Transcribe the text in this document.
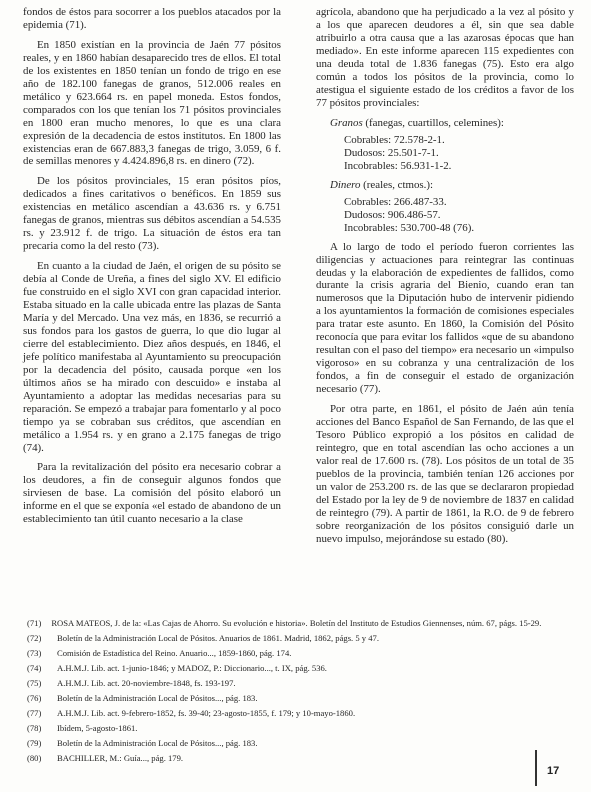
fondos de éstos para socorrer a los pueblos atacados por la epidemia (71).

En 1850 existían en la provincia de Jaén 77 pósitos reales, y en 1860 habían desaparecido tres de ellos. El total de los existentes en 1850 tenían un fondo de trigo en ese año de 182.100 fanegas de granos, 512.006 reales en metálico y 623.664 rs. en papel moneda. Estos fondos, comparados con los que tenían los 71 pósitos provinciales en 1800 eran mucho menores, lo que es una clara expresión de la decadencia de estos institutos. En 1800 las existencias eran de 667.883,3 fanegas de trigo, 3.059, 6 f. de semillas menores y 4.424.896,8 rs. en dinero (72).

De los pósitos provinciales, 15 eran pósitos píos, dedicados a fines caritativos o benéficos. En 1859 sus existencias en metálico ascendían a 43.636 rs. y 6.751 fanegas de granos, mientras sus débitos ascendían a 54.535 rs. y 23.912 f. de trigo. La situación de éstos era tan precaria como la del resto (73).

En cuanto a la ciudad de Jaén, el origen de su pósito se debía al Conde de Ureña, a fines del siglo XV. El edificio fue construido en el siglo XVI con gran capacidad interior. Estaba situado en la calle ubicada entre las plazas de Santa María y del Mercado. Una vez más, en 1836, se recurrió a sus fondos para los gastos de guerra, lo que dio lugar al cierre del establecimiento. Diez años después, en 1846, el jefe político manifestaba al Ayuntamiento su preocupación por la decadencia del pósito, causada porque «en los últimos años se ha mirado con descuido» e instaba al Ayuntamiento a adoptar las medidas necesarias para su reparación. Se empezó a trabajar para fomentarlo y al poco tiempo ya se cobraban sus créditos, que ascendían en metálico a 1.954 rs. y en grano a 2.175 fanegas de trigo (74).

Para la revitalización del pósito era necesario cobrar a los deudores, a fin de conseguir algunos fondos que sirviesen de base. La comisión del pósito elaboró un informe en el que se exponía «el estado de abandono de un establecimiento tan útil cuanto necesario a la clase

agrícola, abandono que ha perjudicado a la vez al pósito y a los que aparecen deudores a él, sin que sea dable atribuirlo a otra causa que a las azarosas épocas que han mediado». En este informe aparecen 115 expedientes con una deuda total de 1.836 fanegas (75). Esto era algo común a todos los pósitos de la provincia, como lo atestigua el siguiente estado de los créditos a favor de los 77 pósitos provinciales:

Granos (fanegas, cuartillos, celemines):
Cobrables: 72.578-2-1.
Dudosos: 25.501-7-1.
Incobrables: 56.931-1-2.
Dinero (reales, ctmos.):
Cobrables: 266.487-33.
Dudosos: 906.486-57.
Incobrables: 530.700-48 (76).

A lo largo de todo el período fueron corrientes las diligencias y actuaciones para reintegrar las continuas deudas y la elaboración de expedientes de fallidos, como durante la crisis agraria del Bienio, cuando eran tan numerosos que la Diputación hubo de intervenir pidiendo a los ayuntamientos la formación de comisiones especiales para tratar este asunto. En 1860, la Comisión del Pósito reconocía que para evitar los fallidos «que de su abandono resultan con el paso del tiempo» era necesario un «impulso vigoroso» en su cobranza y una centralización de los fondos, a fin de conseguir el estado de organización necesario (77).

Por otra parte, en 1861, el pósito de Jaén aún tenía acciones del Banco Español de San Fernando, de las que el Tesoro Público expropió a los pósitos en calidad de reintegro, que en total ascendían las ocho acciones a un valor real de 17.600 rs. (78). Los pósitos de un total de 35 pueblos de la provincia, también tenían 126 acciones por un valor de 253.200 rs. de las que se declararon propiedad del Estado por la ley de 9 de noviembre de 1837 en calidad de reintegro (79). A partir de 1861, la R.O. de 9 de febrero sobre reorganización de los pósitos consiguió darle un nuevo impulso, mejorándose su estado (80).

(71) ROSA MATEOS, J. de la: «Las Cajas de Ahorro. Su evolución e historia». Boletín del Instituto de Estudios Giennenses, núm. 67, págs. 15-29.
(72)	Boletín de la Administración Local de Pósitos. Anuarios de 1861. Madrid, 1862, págs. 5 y 47.
(73)	Comisión de Estadística del Reino. Anuario..., 1859-1860, pág. 174.
(74)	A.H.M.J. Lib. act. 1-junio-1846; y MADOZ, P.: Diccionario..., t. IX, pág. 536.
(75)	A.H.M.J. Lib. act. 20-noviembre-1848, fs. 193-197.
(76)	Boletín de la Administración Local de Pósitos..., pág. 183.
(77)	A.H.M.J. Lib. act. 9-febrero-1852, fs. 39-40; 23-agosto-1855, f. 179; y 10-mayo-1860.
(78)	Ibídem, 5-agosto-1861.
(79)	Boletín de la Administración Local de Pósitos..., pág. 183.
(80)	BACHILLER, M.: Guía..., pág. 179.
17
